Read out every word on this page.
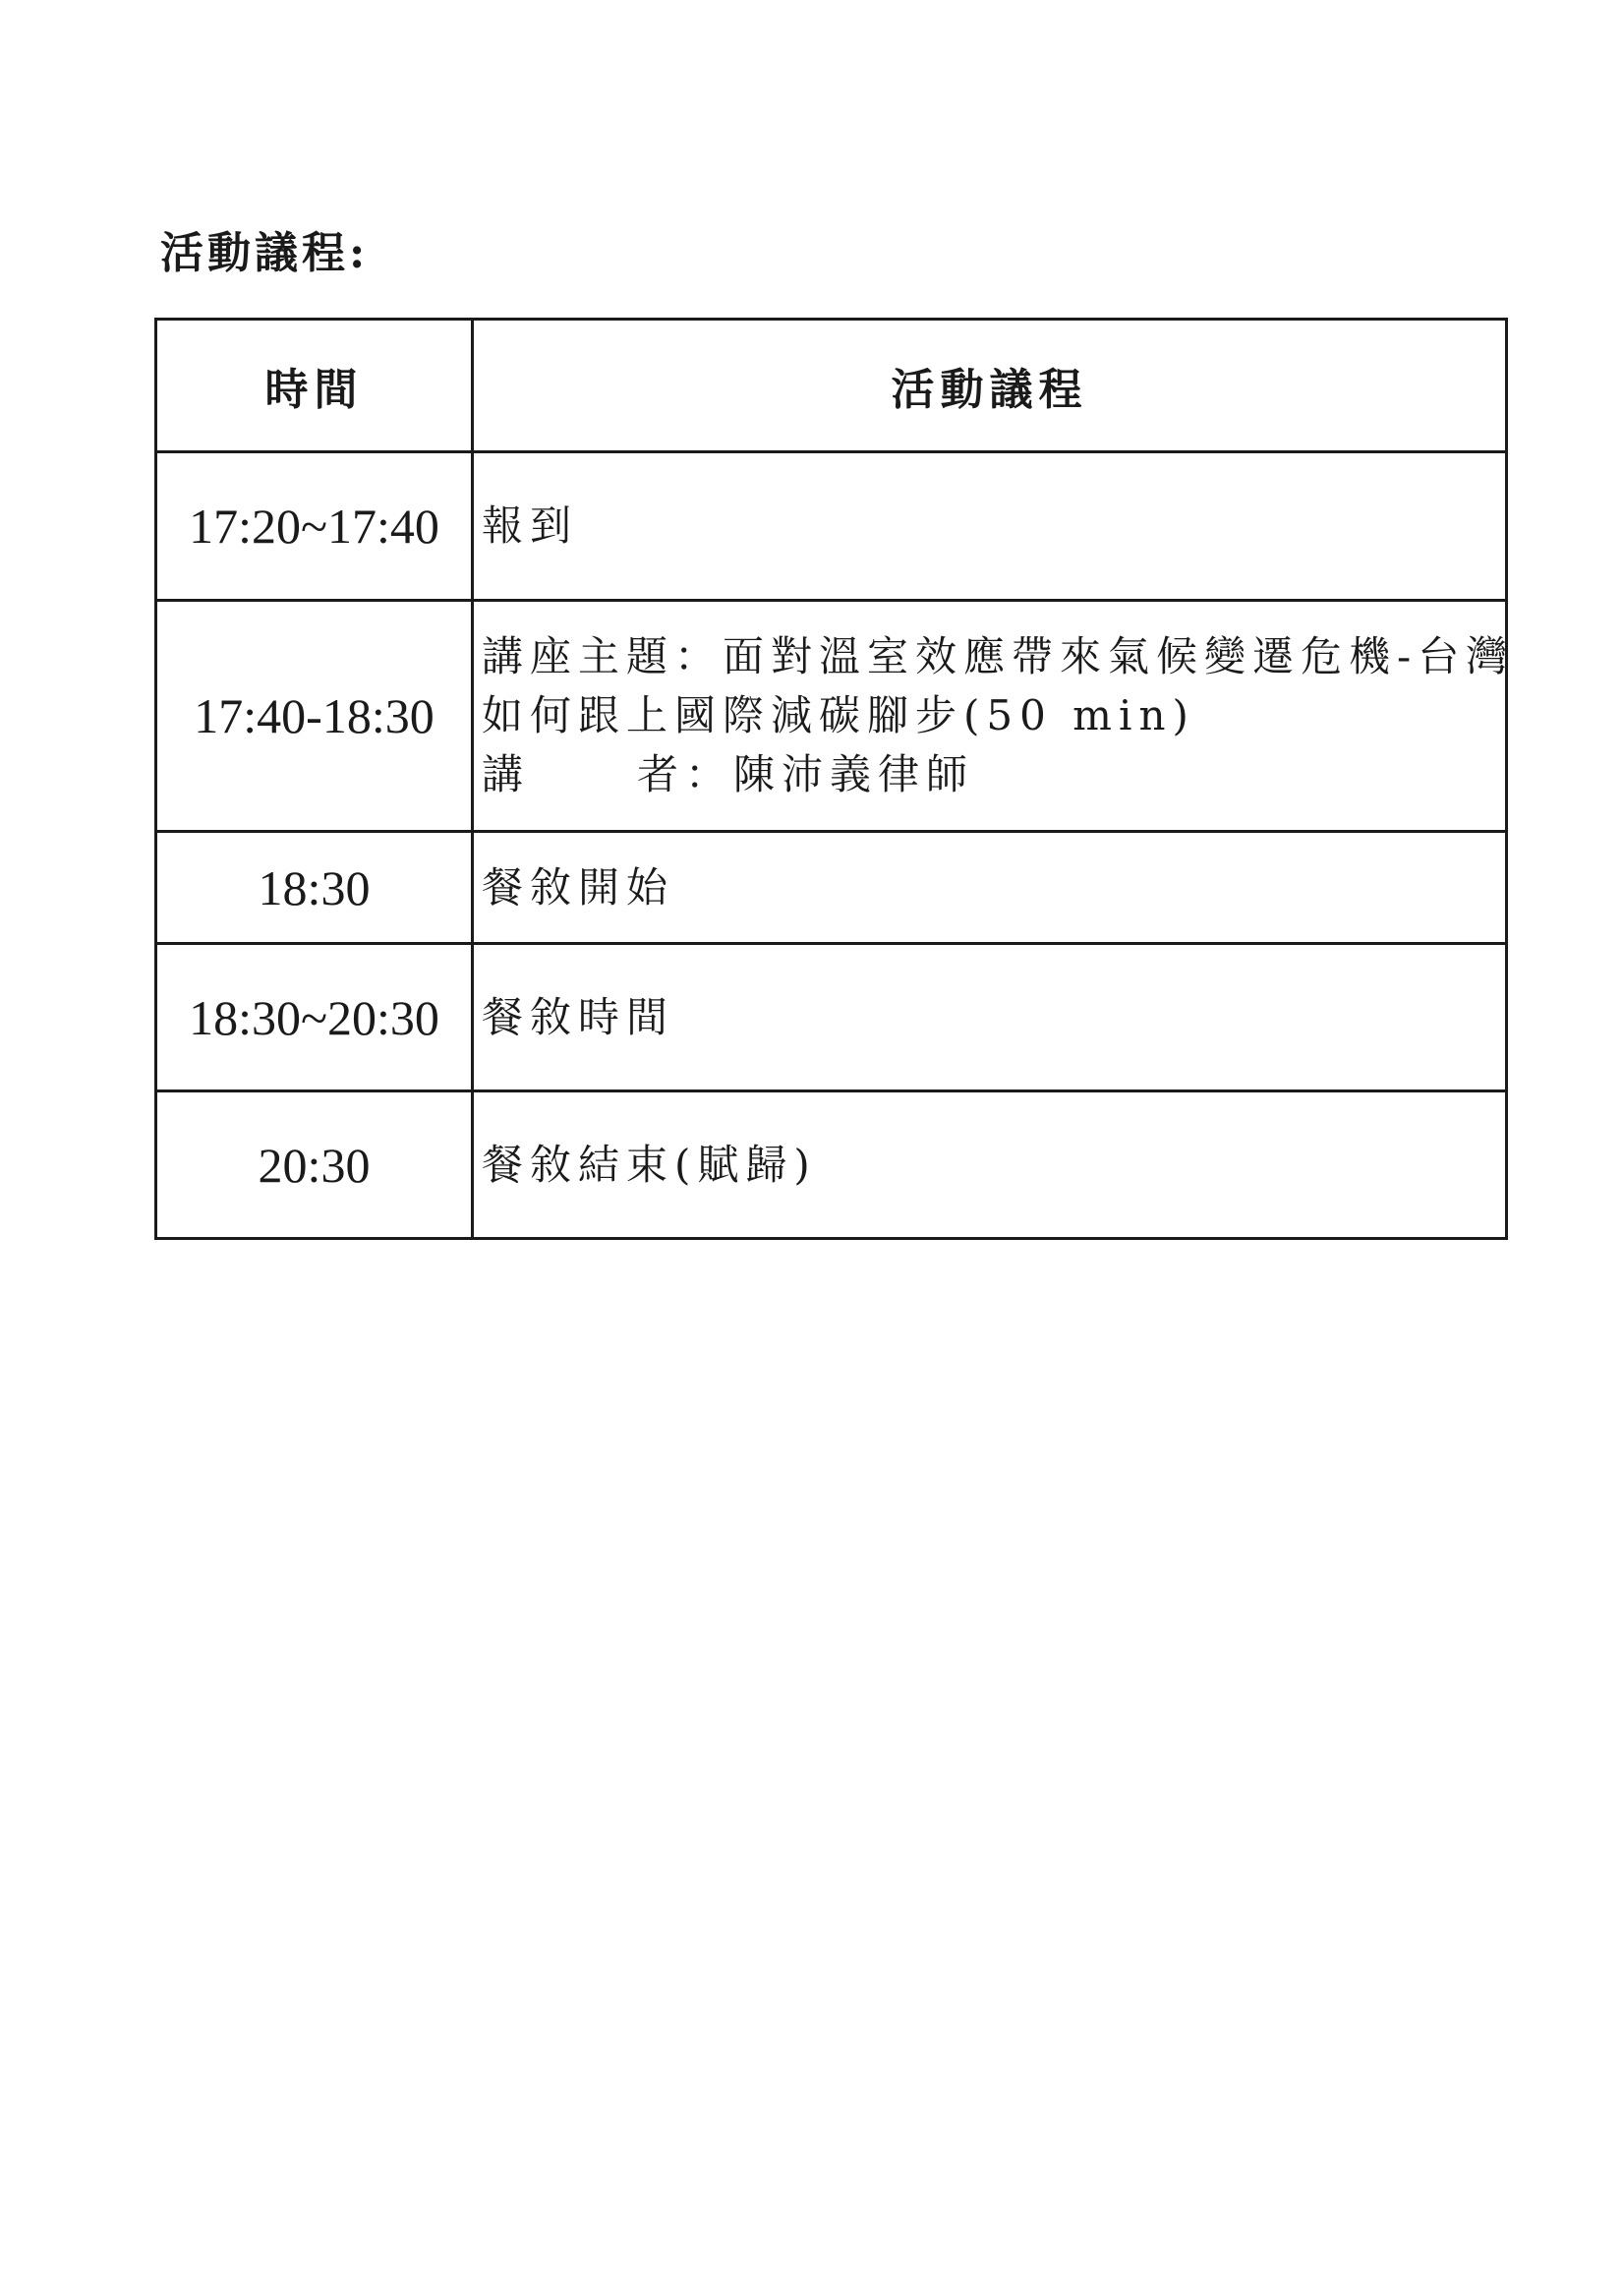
活動議程:
時間	活動議程
17:20~17:40	報到

17:40-18:30	講座主題：面對溫室效應帶來氣候變遷危機-台灣
如何跟上國際減碳腳步(50 min)
講 者：陳沛義律師

18:30	餐敘開始

18:30~20:30	餐敘時間

20:30	餐敘結束(賦歸)
